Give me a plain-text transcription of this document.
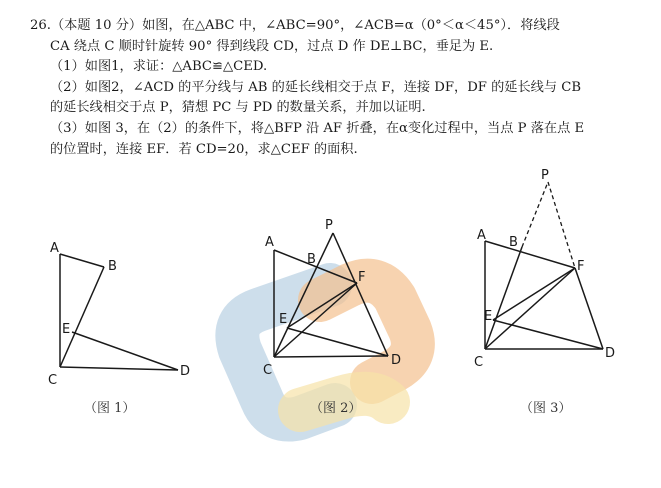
26.（本题 10 分）如图，在△ABC 中，∠ABC=90°，∠ACB=α（0°＜α＜45°）．将线段

CA 绕点 C 顺时针旋转 90° 得到线段 CD，过点 D 作 DE⊥BC，垂足为 E.

（1）如图1，求证：△ABC≌△CED.

（2）如图2，∠ACD 的平分线与 AB 的延长线相交于点 F，连接 DF，DF 的延长线与 CB

的延长线相交于点 P，猜想 PC 与 PD 的数量关系，并加以证明.

（3）如图 3，在（2）的条件下，将△BFP 沿 AF 折叠，在α变化过程中，当点 P 落在点 E

的位置时，连接 EF．若 CD=20，求△CEF 的面积.

A
B
E
C
D
（图 1）
A
B
P
F
E
C
D
（图 2）
P
A B
F
E
C
D
（图 3）
